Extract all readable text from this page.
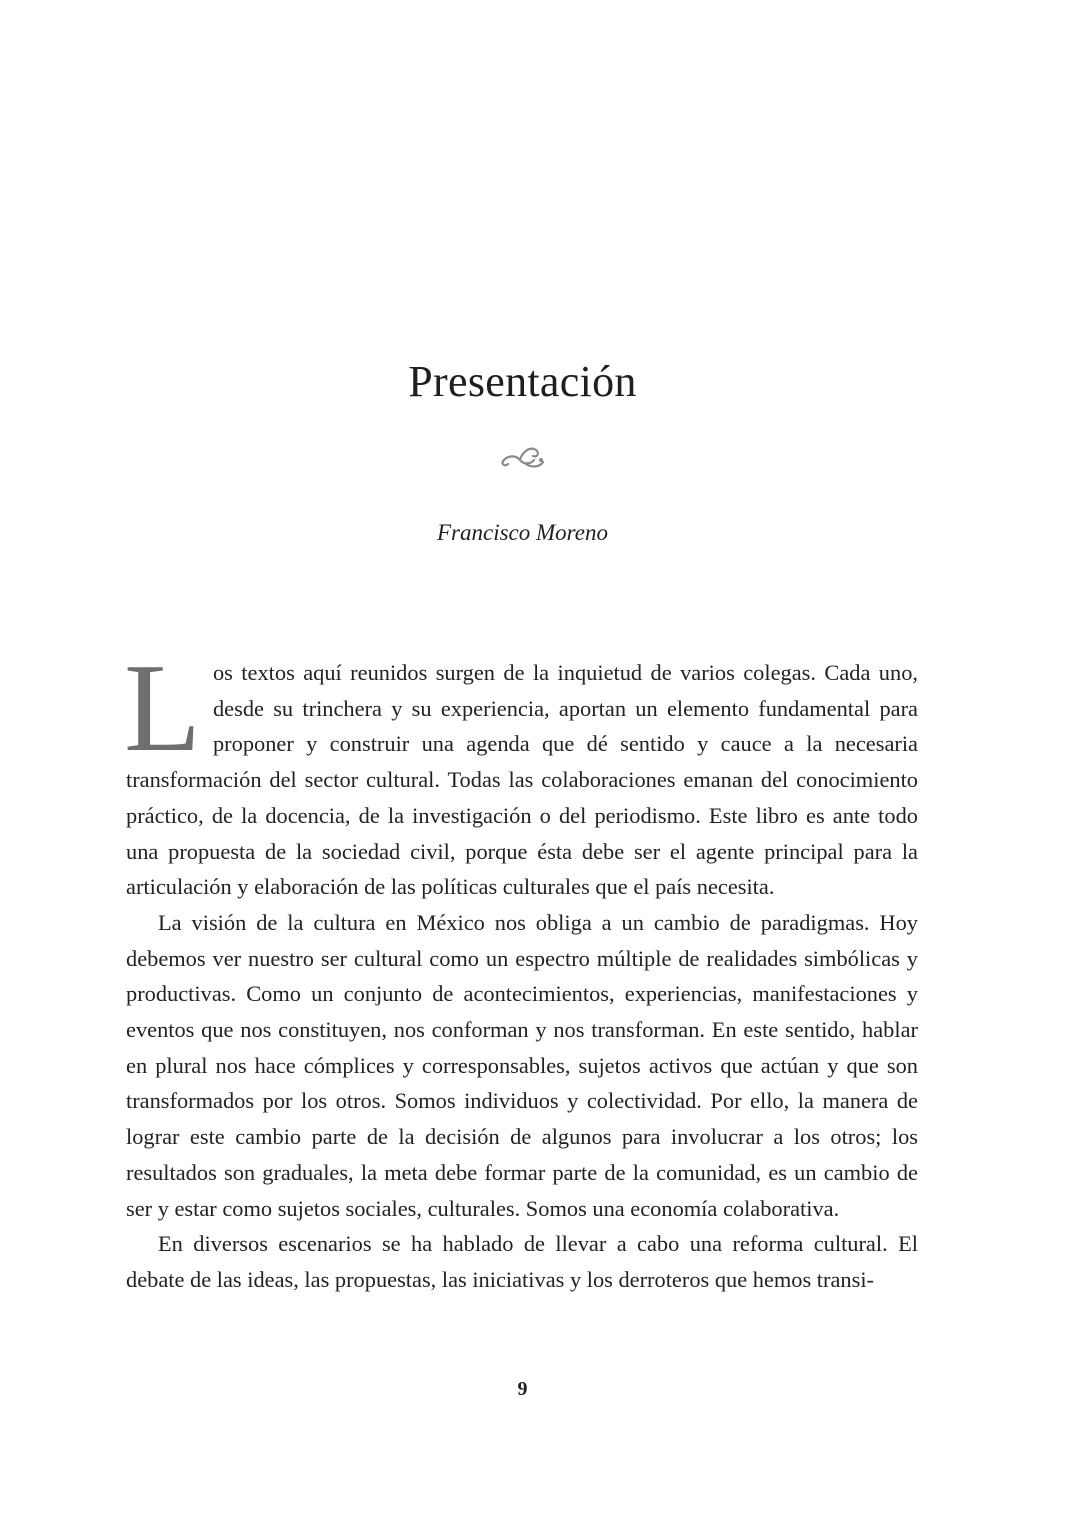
Presentación
Francisco Moreno

Los textos aquí reunidos surgen de la inquietud de varios colegas. Cada uno, desde su trinchera y su experiencia, aportan un elemento fundamental para proponer y construir una agenda que dé sentido y cauce a la necesaria transformación del sector cultural. Todas las colaboraciones emanan del conocimiento práctico, de la docencia, de la investigación o del periodismo. Este libro es ante todo una propuesta de la sociedad civil, porque ésta debe ser el agente principal para la articulación y elaboración de las políticas culturales que el país necesita.

La visión de la cultura en México nos obliga a un cambio de paradigmas. Hoy debemos ver nuestro ser cultural como un espectro múltiple de realidades simbólicas y productivas. Como un conjunto de acontecimientos, experiencias, manifestaciones y eventos que nos constituyen, nos conforman y nos transforman. En este sentido, hablar en plural nos hace cómplices y corresponsables, sujetos activos que actúan y que son transformados por los otros. Somos individuos y colectividad. Por ello, la manera de lograr este cambio parte de la decisión de algunos para involucrar a los otros; los resultados son graduales, la meta debe formar parte de la comunidad, es un cambio de ser y estar como sujetos sociales, culturales. Somos una economía colaborativa.

En diversos escenarios se ha hablado de llevar a cabo una reforma cultural. El debate de las ideas, las propuestas, las iniciativas y los derroteros que hemos transi-

9
